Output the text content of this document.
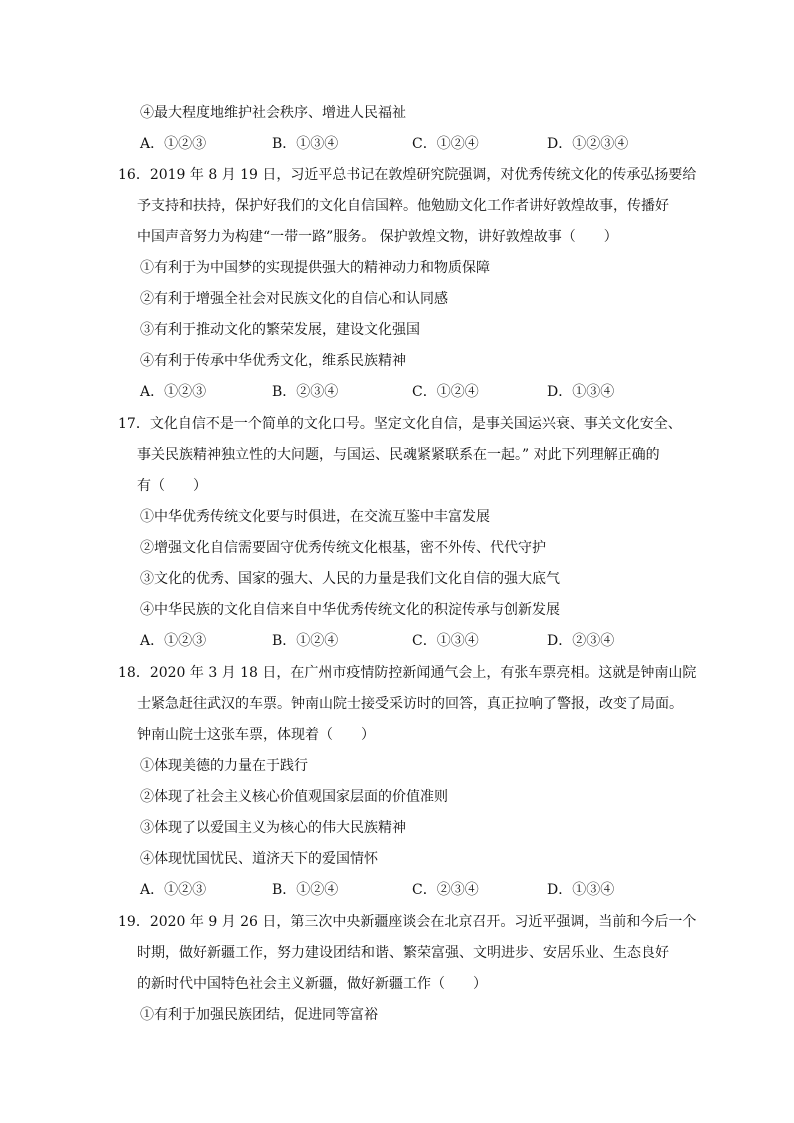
④最大程度地维护社会秩序、增进人民福祉
A．①②③	B．①③④	C．①②④	D．①②③④
16．2019 年 8 月 19 日，习近平总书记在敦煌研究院强调，对优秀传统文化的传承弘扬要给
予支持和扶持，保护好我们的文化自信国粹。他勉励文化工作者讲好敦煌故事，传播好
中国声音努力为构建“一带一路”服务。 保护敦煌文物，讲好敦煌故事（　　）
①有利于为中国梦的实现提供强大的精神动力和物质保障
②有利于增强全社会对民族文化的自信心和认同感
③有利于推动文化的繁荣发展，建设文化强国
④有利于传承中华优秀文化，维系民族精神
A．①②③	B．②③④	C．①②④	D．①③④
17．文化自信不是一个简单的文化口号。坚定文化自信，是事关国运兴衰、事关文化安全、
事关民族精神独立性的大问题，与国运、民魂紧紧联系在一起。” 对此下列理解正确的
有（　　）
①中华优秀传统文化要与时俱进，在交流互鉴中丰富发展
②增强文化自信需要固守优秀传统文化根基，密不外传、代代守护
③文化的优秀、国家的强大、人民的力量是我们文化自信的强大底气
④中华民族的文化自信来自中华优秀传统文化的积淀传承与创新发展
A．①②③	B．①②④	C．①③④	D．②③④
18．2020 年 3 月 18 日，在广州市疫情防控新闻通气会上，有张车票亮相。这就是钟南山院
士紧急赶往武汉的车票。钟南山院士接受采访时的回答，真正拉响了警报，改变了局面。
钟南山院士这张车票，体现着（　　）
①体现美德的力量在于践行
②体现了社会主义核心价值观国家层面的价值准则
③体现了以爱国主义为核心的伟大民族精神
④体现忧国忧民、道济天下的爱国情怀
A．①②③	B．①②④	C．②③④	D．①③④
19．2020 年 9 月 26 日，第三次中央新疆座谈会在北京召开。习近平强调，当前和今后一个
时期，做好新疆工作，努力建设团结和谐、繁荣富强、文明进步、安居乐业、生态良好
的新时代中国特色社会主义新疆，做好新疆工作（　　）
①有利于加强民族团结，促进同等富裕
